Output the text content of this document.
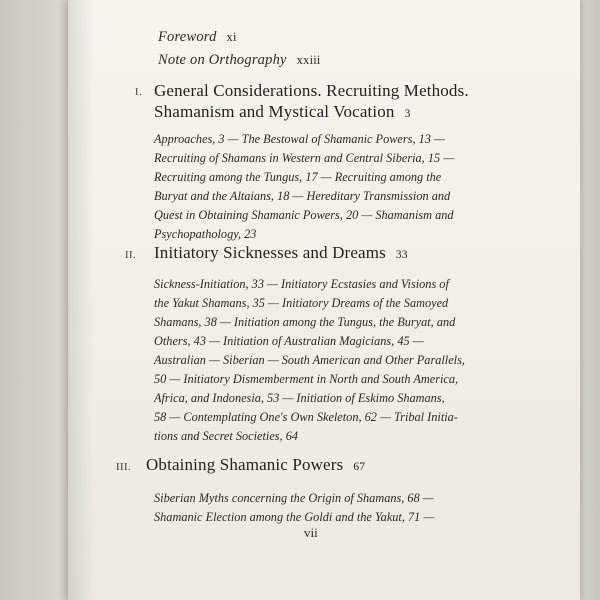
Foreword xi
Note on Orthography xxiii
I. General Considerations. Recruiting Methods.
Shamanism and Mystical Vocation 3
Approaches, 3 — The Bestowal of Shamanic Powers, 13 —
Recruiting of Shamans in Western and Central Siberia, 15 —
Recruiting among the Tungus, 17 — Recruiting among the
Buryat and the Altaians, 18 — Hereditary Transmission and
Quest in Obtaining Shamanic Powers, 20 — Shamanism and
Psychopathology, 23
II. Initiatory Sicknesses and Dreams 33
Sickness-Initiation, 33 — Initiatory Ecstasies and Visions of
the Yakut Shamans, 35 — Initiatory Dreams of the Samoyed
Shamans, 38 — Initiation among the Tungus, the Buryat, and
Others, 43 — Initiation of Australian Magicians, 45 —
Australian — Siberian — South American and Other Parallels,
50 — Initiatory Dismemberment in North and South America,
Africa, and Indonesia, 53 — Initiation of Eskimo Shamans,
58 — Contemplating One's Own Skeleton, 62 — Tribal Initia-
tions and Secret Societies, 64
III. Obtaining Shamanic Powers 67
Siberian Myths concerning the Origin of Shamans, 68 —
Shamanic Election among the Goldi and the Yakut, 71 —
vii
